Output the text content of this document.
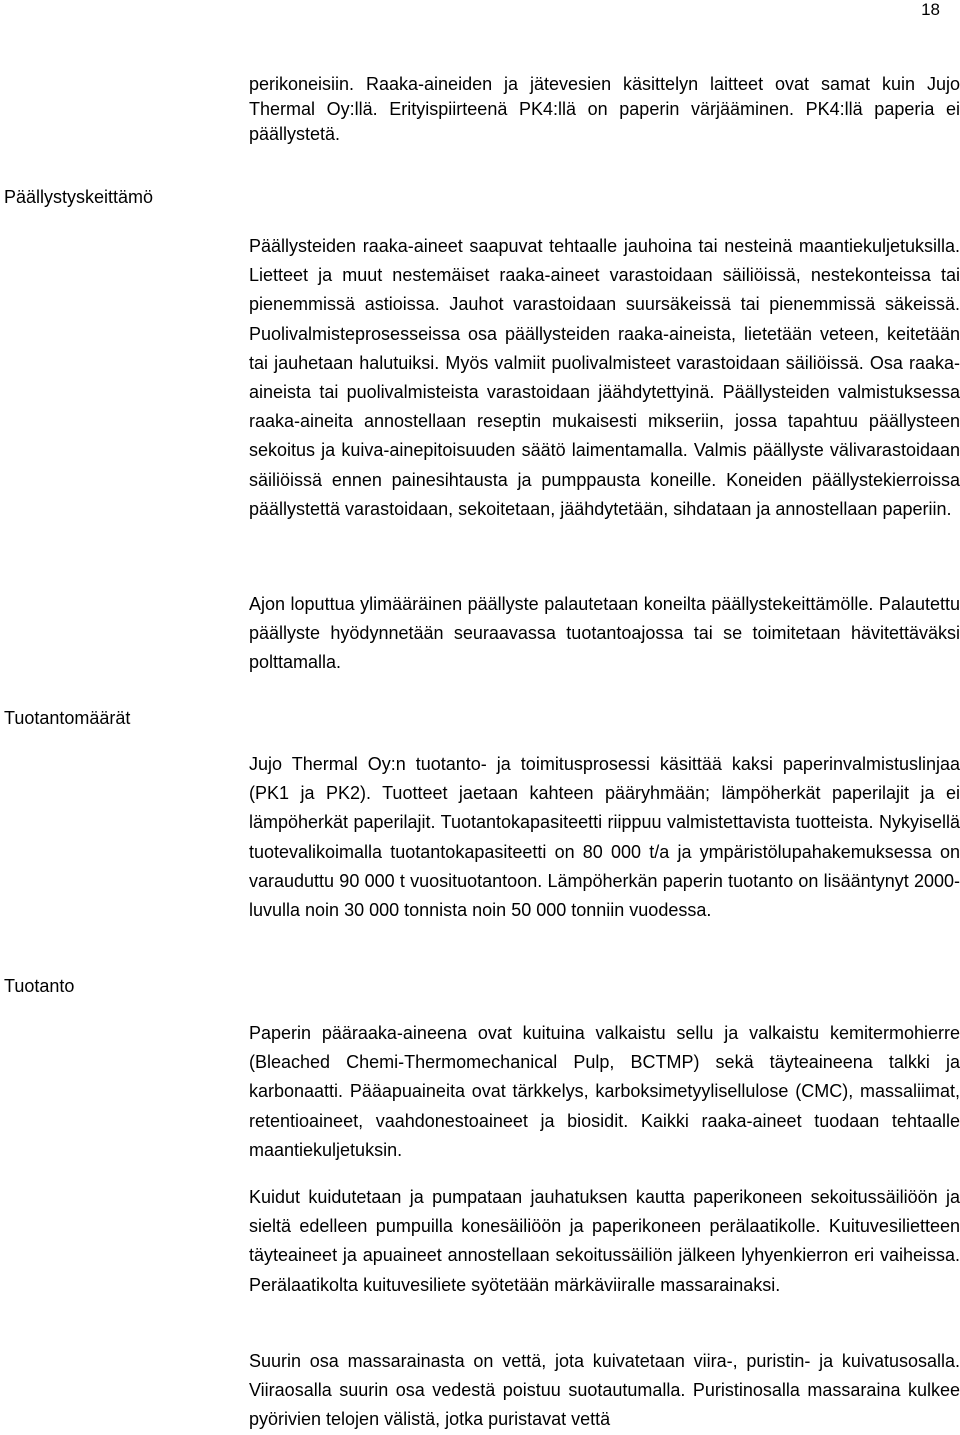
18
Päällystyskeittämö
Tuotantomäärät
Tuotanto

perikoneisiin. Raaka-aineiden ja jätevesien käsittelyn laitteet ovat samat kuin Jujo Thermal Oy:llä. Erityispiirteenä PK4:llä on paperin värjääminen. PK4:llä paperia ei päällystetä.

Päällysteiden raaka-aineet saapuvat tehtaalle jauhoina tai nesteinä maantiekuljetuksilla. Lietteet ja muut nestemäiset raaka-aineet varastoidaan säiliöissä, nestekonteissa tai pienemmissä astioissa. Jauhot varastoidaan suursäkeissä tai pienemmissä säkeissä. Puolivalmisteprosesseissa osa päällysteiden raaka-aineista, lietetään veteen, keitetään tai jauhetaan halutuiksi. Myös valmiit puolivalmisteet varastoidaan säiliöissä. Osa raaka-aineista tai puolivalmisteista varastoidaan jäähdytettyinä. Päällysteiden valmistuksessa raaka-aineita annostellaan reseptin mukaisesti mikseriin, jossa tapahtuu päällysteen sekoitus ja kuiva-ainepitoisuuden säätö laimentamalla. Valmis päällyste välivarastoidaan säiliöissä ennen painesihtausta ja pumppausta koneille. Koneiden päällystekierroissa päällystettä varastoidaan, sekoitetaan, jäähdytetään, sihdataan ja annostellaan paperiin.

Ajon loputtua ylimääräinen päällyste palautetaan koneilta päällystekeittämölle. Palautettu päällyste hyödynnetään seuraavassa tuotantoajossa tai se toimitetaan hävitettäväksi polttamalla.

Jujo Thermal Oy:n tuotanto- ja toimitusprosessi käsittää kaksi paperinvalmistuslinjaa (PK1 ja PK2). Tuotteet jaetaan kahteen pääryhmään; lämpöherkät paperilajit ja ei lämpöherkät paperilajit. Tuotantokapasiteetti riippuu valmistettavista tuotteista. Nykyisellä tuotevalikoimalla tuotantokapasiteetti on 80 000 t/a ja ympäristölupahakemuksessa on varauduttu 90 000 t vuosituotantoon. Lämpöherkän paperin tuotanto on lisääntynyt 2000-luvulla noin 30 000 tonnista noin 50 000 tonniin vuodessa.

Paperin pääraaka-aineena ovat kuituina valkaistu sellu ja valkaistu kemitermohierre (Bleached Chemi-Thermomechanical Pulp, BCTMP) sekä täyteaineena talkki ja karbonaatti. Pääapuaineita ovat tärkkelys, karboksimetyylisellulose (CMC), massaliimat, retentioaineet, vaahdonestoaineet ja biosidit. Kaikki raaka-aineet tuodaan tehtaalle maantiekuljetuksin.

Kuidut kuidutetaan ja pumpataan jauhatuksen kautta paperikoneen sekoitussäiliöön ja sieltä edelleen pumpuilla konesäiliöön ja paperikoneen perälaatikolle. Kuituvesilietteen täyteaineet ja apuaineet annostellaan sekoitussäiliön jälkeen lyhyenkierron eri vaiheissa. Perälaatikolta kuituvesiliete syötetään märkäviiralle massarainaksi.

Suurin osa massarainasta on vettä, jota kuivatetaan viira-, puristin- ja kuivatusosalla. Viiraosalla suurin osa vedestä poistuu suotautumalla. Puristinosalla massaraina kulkee pyörivien telojen välistä, jotka puristavat vettä
